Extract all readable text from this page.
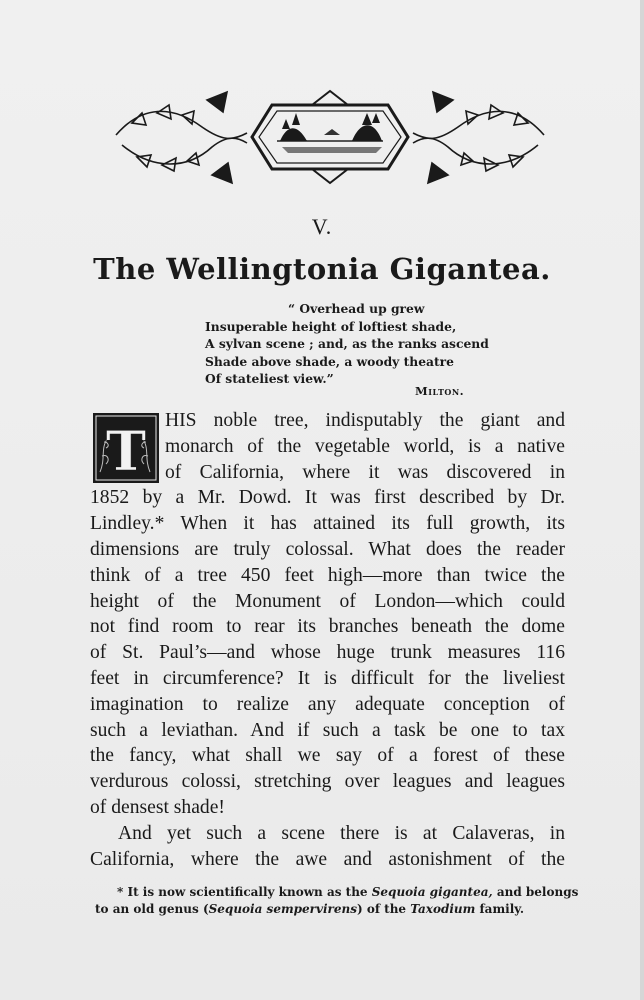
V.
The Wellingtonia Gigantea.
“ Overhead up grew
Insuperable height of loftiest shade,
A sylvan scene ; and, as the ranks ascend
Shade above shade, a woody theatre
Of stateliest view.”
Milton.
T HIS noble tree, indisputably the giant and
monarch of the vegetable world, is a native
of California, where it was discovered in
1852 by a Mr. Dowd. It was first described by Dr.
Lindley.* When it has attained its full growth, its
dimensions are truly colossal. What does the reader
think of a tree 450 feet high—more than twice the
height of the Monument of London—which could
not find room to rear its branches beneath the dome
of St. Paul’s—and whose huge trunk measures 116
feet in circumference? It is difficult for the liveliest
imagination to realize any adequate conception of
such a leviathan. And if such a task be one to tax
the fancy, what shall we say of a forest of these
verdurous colossi, stretching over leagues and leagues
of densest shade!
And yet such a scene there is at Calaveras, in
California, where the awe and astonishment of the
* It is now scientifically known as the Sequoia gigantea, and belongs
to an old genus (Sequoia sempervirens) of the Taxodium family.
